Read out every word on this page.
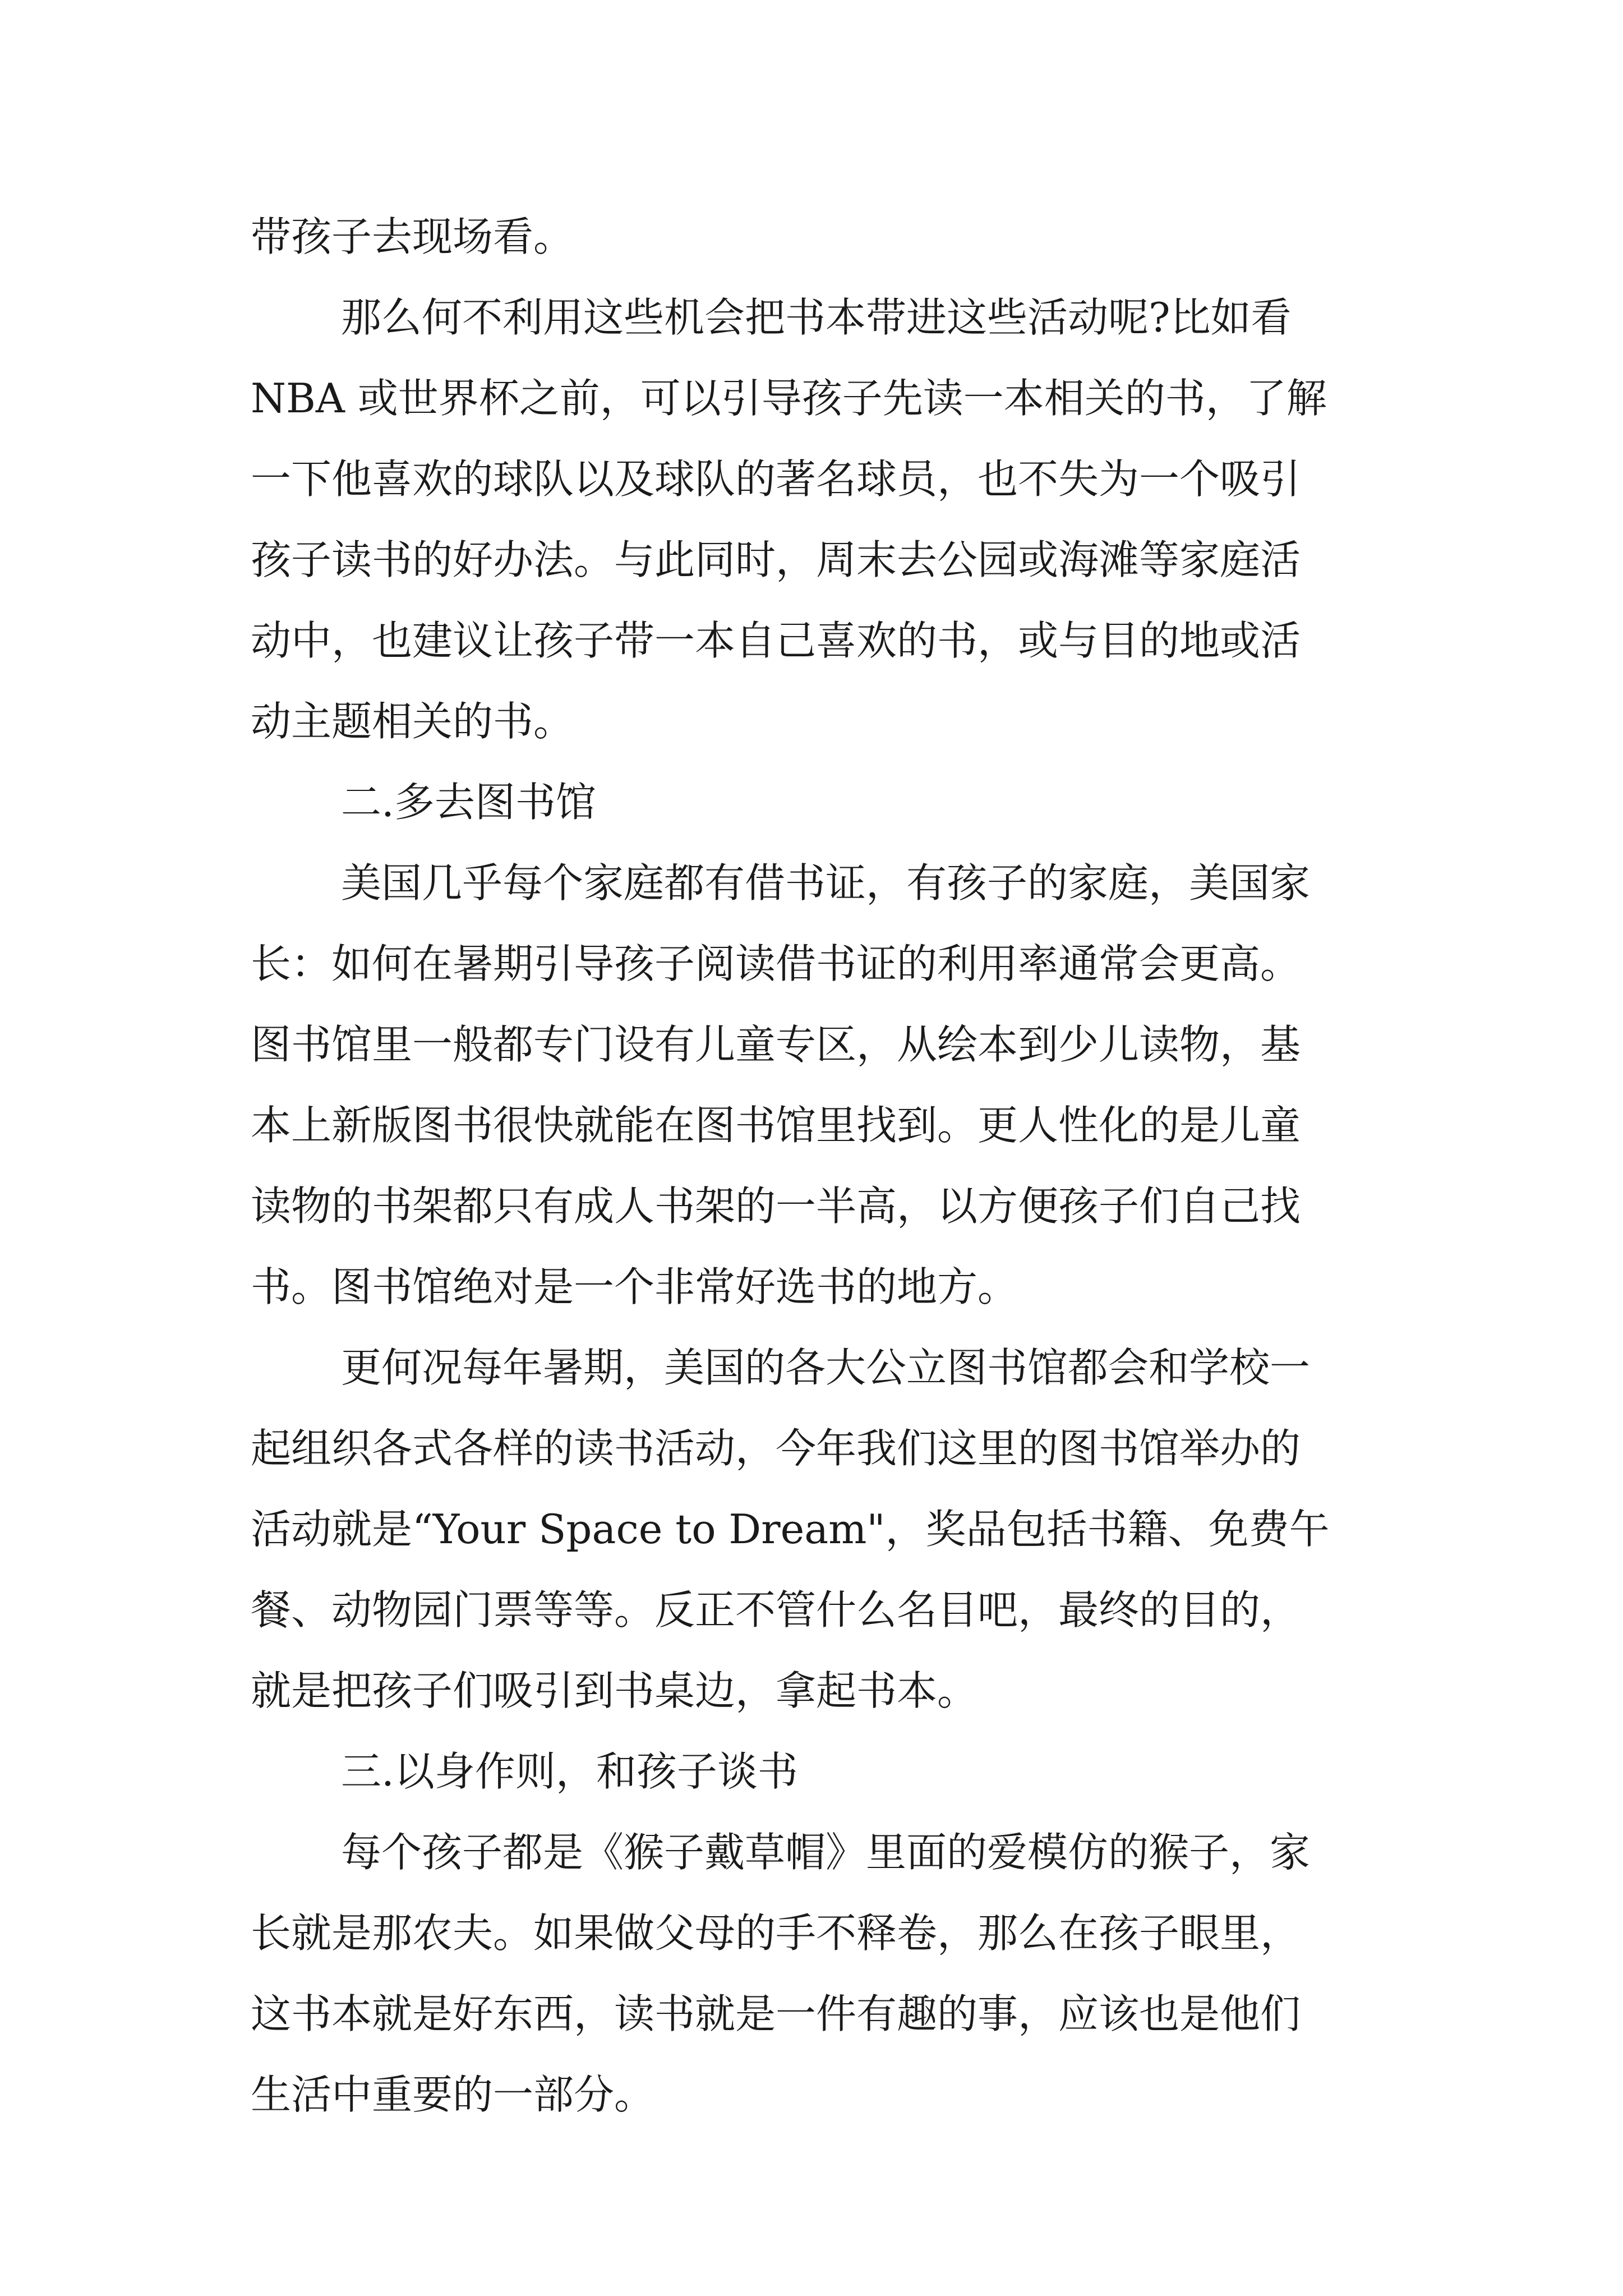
带孩子去现场看。

那么何不利用这些机会把书本带进这些活动呢?比如看

NBA 或世界杯之前，可以引导孩子先读一本相关的书，了解

一下他喜欢的球队以及球队的著名球员，也不失为一个吸引

孩子读书的好办法。与此同时，周末去公园或海滩等家庭活

动中，也建议让孩子带一本自己喜欢的书，或与目的地或活

动主题相关的书。

二.多去图书馆

美国几乎每个家庭都有借书证，有孩子的家庭，美国家

长：如何在暑期引导孩子阅读借书证的利用率通常会更高。

图书馆里一般都专门设有儿童专区，从绘本到少儿读物，基

本上新版图书很快就能在图书馆里找到。更人性化的是儿童

读物的书架都只有成人书架的一半高，以方便孩子们自己找

书。图书馆绝对是一个非常好选书的地方。

更何况每年暑期，美国的各大公立图书馆都会和学校一

起组织各式各样的读书活动，今年我们这里的图书馆举办的

活动就是“Your Space to Dream"，奖品包括书籍、免费午

餐、动物园门票等等。反正不管什么名目吧，最终的目的，

就是把孩子们吸引到书桌边，拿起书本。

三.以身作则，和孩子谈书

每个孩子都是《猴子戴草帽》里面的爱模仿的猴子，家

长就是那农夫。如果做父母的手不释卷，那么在孩子眼里，

这书本就是好东西，读书就是一件有趣的事，应该也是他们

生活中重要的一部分。
